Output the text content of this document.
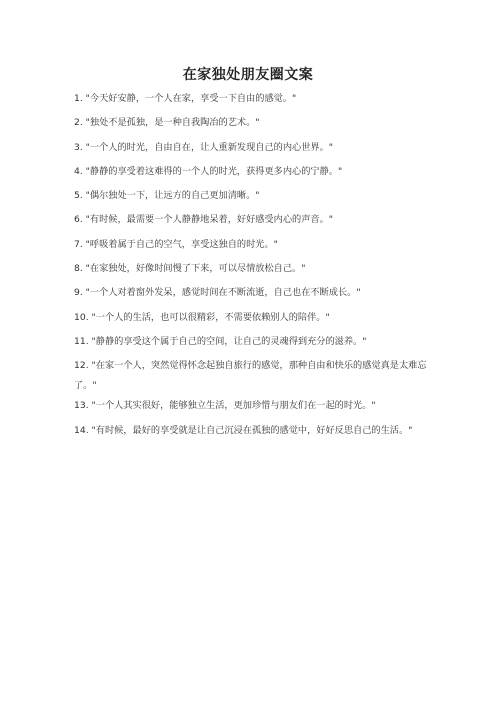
在家独处朋友圈文案
1. "今天好安静，一个人在家，享受一下自由的感觉。"
2. "独处不是孤独，是一种自我陶冶的艺术。"
3. "一个人的时光，自由自在，让人重新发现自己的内心世界。"
4. "静静的享受着这难得的一个人的时光，获得更多内心的宁静。"
5. "偶尔独处一下，让远方的自己更加清晰。"
6. "有时候，最需要一个人静静地呆着，好好感受内心的声音。"
7. "呼吸着属于自己的空气，享受这独自的时光。"
8. "在家独处，好像时间慢了下来，可以尽情放松自己。"
9. "一个人对着窗外发呆，感觉时间在不断流逝，自己也在不断成长。"
10. "一个人的生活，也可以很精彩，不需要依赖别人的陪伴。"
11. "静静的享受这个属于自己的空间，让自己的灵魂得到充分的滋养。"
12. "在家一个人，突然觉得怀念起独自旅行的感觉，那种自由和快乐的感觉真是太难忘了。"
13. "一个人其实很好，能够独立生活，更加珍惜与朋友们在一起的时光。"
14. "有时候，最好的享受就是让自己沉浸在孤独的感觉中，好好反思自己的生活。"
